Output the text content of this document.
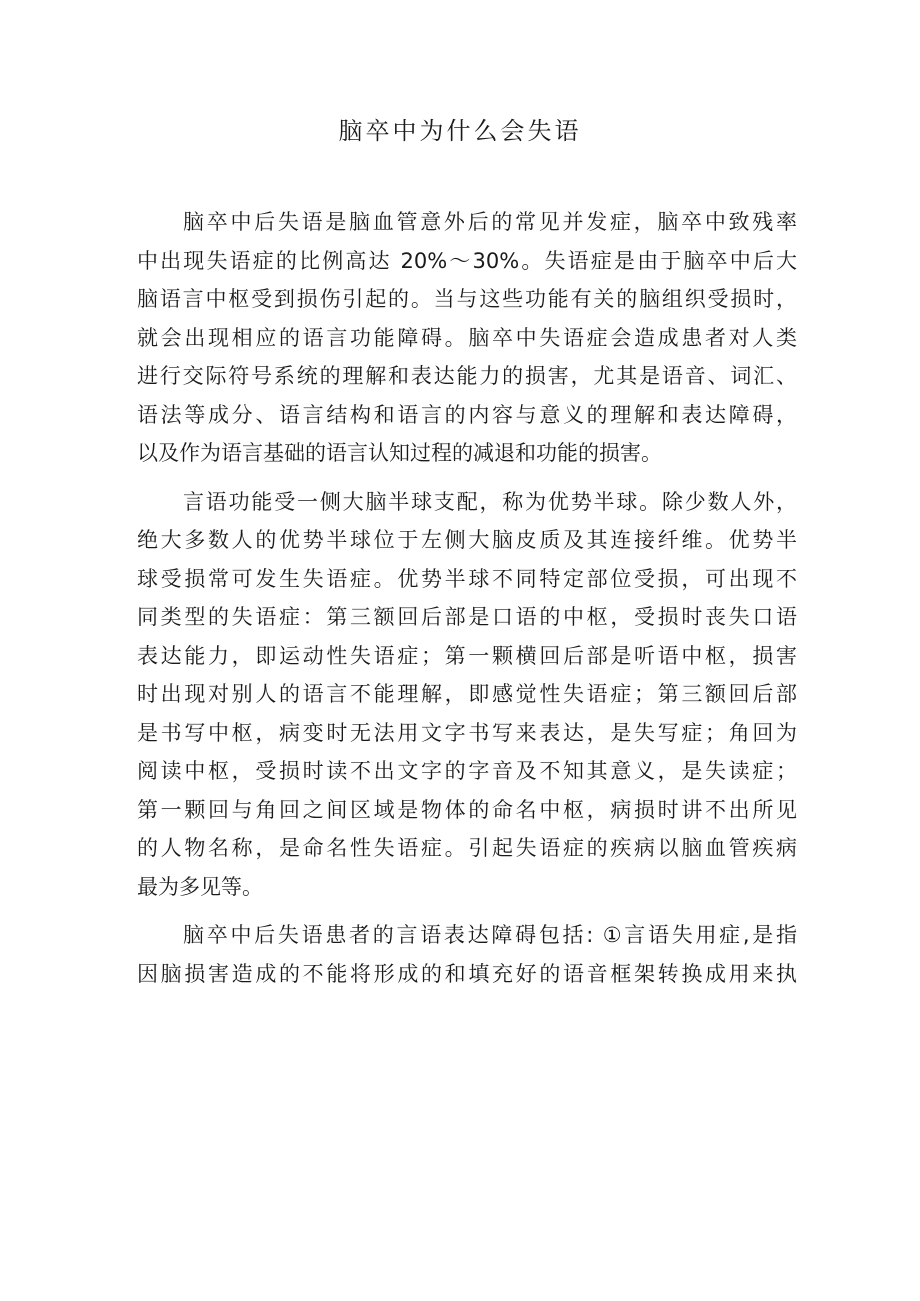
脑卒中为什么会失语
脑卒中后失语是脑血管意外后的常见并发症，脑卒中致残率
中出现失语症的比例高达 20%～30%。失语症是由于脑卒中后大
脑语言中枢受到损伤引起的。当与这些功能有关的脑组织受损时，
就会出现相应的语言功能障碍。脑卒中失语症会造成患者对人类
进行交际符号系统的理解和表达能力的损害，尤其是语音、词汇、
语法等成分、语言结构和语言的内容与意义的理解和表达障碍，
以及作为语言基础的语言认知过程的减退和功能的损害。
言语功能受一侧大脑半球支配，称为优势半球。除少数人外，
绝大多数人的优势半球位于左侧大脑皮质及其连接纤维。优势半
球受损常可发生失语症。优势半球不同特定部位受损，可出现不
同类型的失语症：第三额回后部是口语的中枢，受损时丧失口语
表达能力，即运动性失语症；第一颗横回后部是听语中枢，损害
时出现对别人的语言不能理解，即感觉性失语症；第三额回后部
是书写中枢，病变时无法用文字书写来表达，是失写症；角回为
阅读中枢，受损时读不出文字的字音及不知其意义，是失读症；
第一颗回与角回之间区域是物体的命名中枢，病损时讲不出所见
的人物名称，是命名性失语症。引起失语症的疾病以脑血管疾病
最为多见等。
脑卒中后失语患者的言语表达障碍包括: ①言语失用症,是指
因脑损害造成的不能将形成的和填充好的语音框架转换成用来执
